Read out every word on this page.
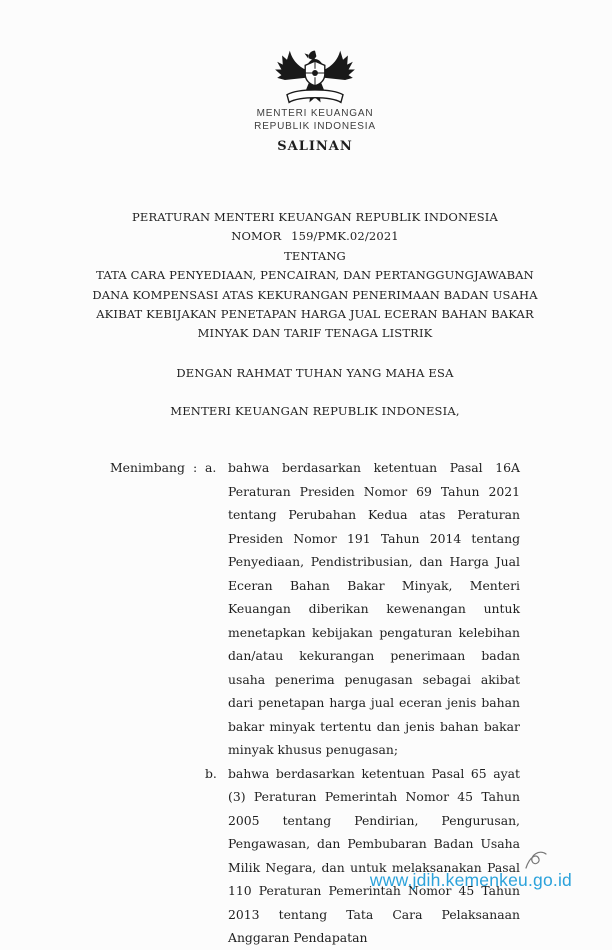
MENTERI KEUANGAN
REPUBLIK INDONESIA
SALINAN
PERATURAN MENTERI KEUANGAN REPUBLIK INDONESIA
NOMOR 159/PMK.02/2021
TENTANG
TATA CARA PENYEDIAAN, PENCAIRAN, DAN PERTANGGUNGJAWABAN
DANA KOMPENSASI ATAS KEKURANGAN PENERIMAAN BADAN USAHA
AKIBAT KEBIJAKAN PENETAPAN HARGA JUAL ECERAN BAHAN BAKAR
MINYAK DAN TARIF TENAGA LISTRIK
DENGAN RAHMAT TUHAN YANG MAHA ESA
MENTERI KEUANGAN REPUBLIK INDONESIA,
Menimbang : a. bahwa berdasarkan ketentuan Pasal 16A Peraturan Presiden Nomor 69 Tahun 2021 tentang Perubahan Kedua atas Peraturan Presiden Nomor 191 Tahun 2014 tentang Penyediaan, Pendistribusian, dan Harga Jual Eceran Bahan Bakar Minyak, Menteri Keuangan diberikan kewenangan untuk menetapkan kebijakan pengaturan kelebihan dan/atau kekurangan penerimaan badan usaha penerima penugasan sebagai akibat dari penetapan harga jual eceran jenis bahan bakar minyak tertentu dan jenis bahan bakar minyak khusus penugasan;
b. bahwa berdasarkan ketentuan Pasal 65 ayat (3) Peraturan Pemerintah Nomor 45 Tahun 2005 tentang Pendirian, Pengurusan, Pengawasan, dan Pembubaran Badan Usaha Milik Negara, dan untuk melaksanakan Pasal 110 Peraturan Pemerintah Nomor 45 Tahun 2013 tentang Tata Cara Pelaksanaan Anggaran Pendapatan
www.jdih.kemenkeu.go.id
